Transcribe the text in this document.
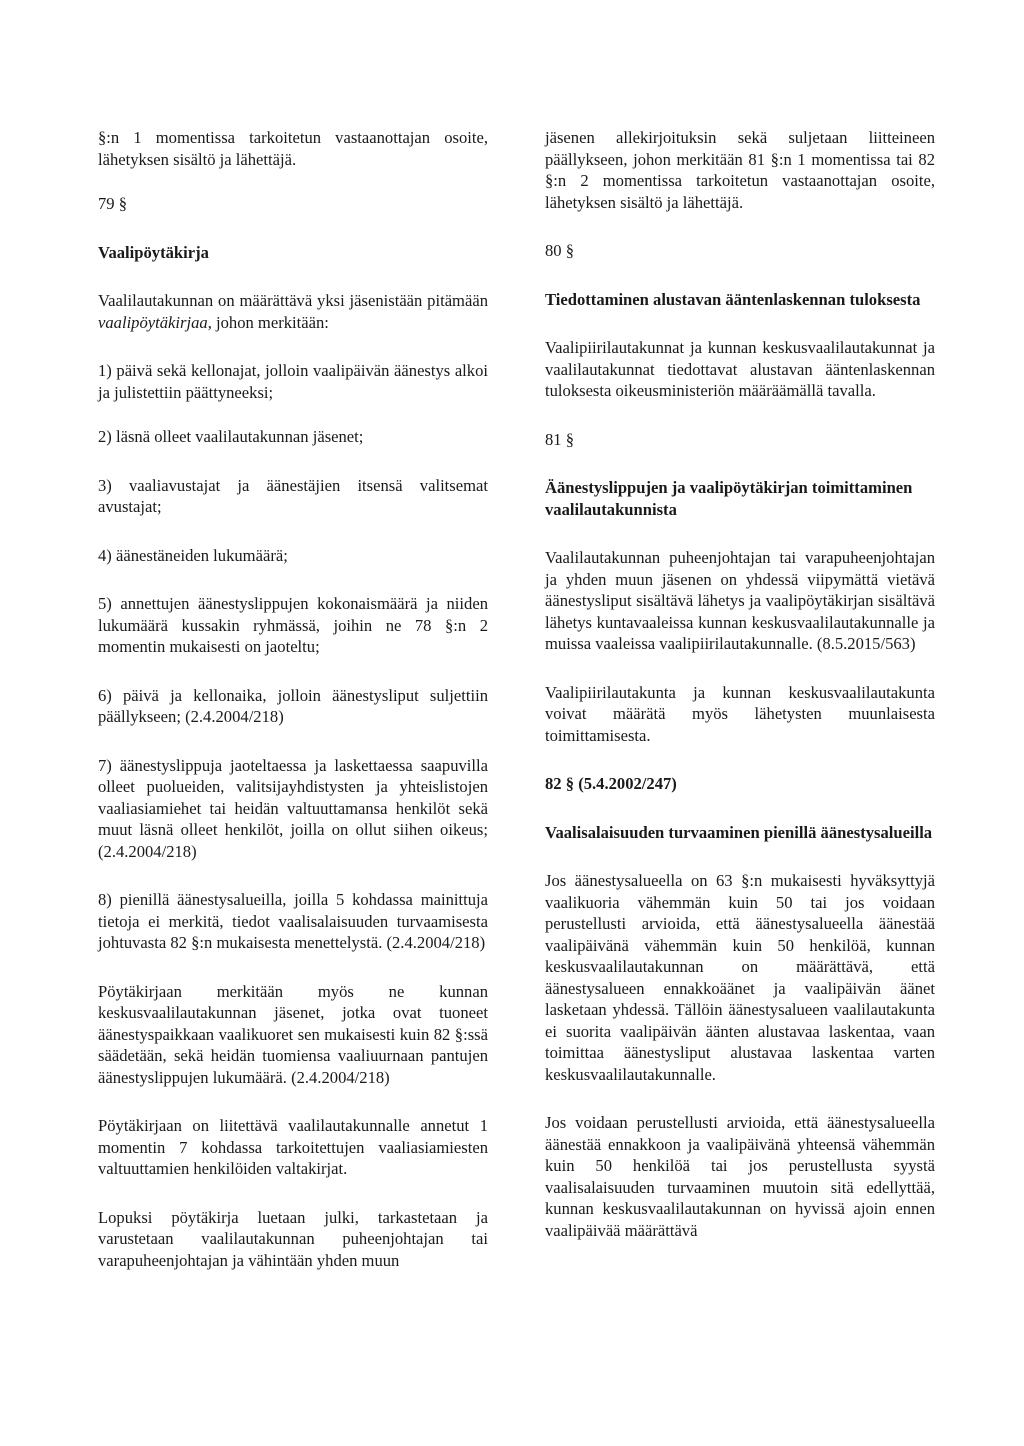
§:n 1 momentissa tarkoitetun vastaanottajan osoite, lähetyksen sisältö ja lähettäjä.

79 §

Vaalipöytäkirja

Vaalilautakunnan on määrättävä yksi jäsenistään pitämään vaalipöytäkirjaa, johon merkitään:

1) päivä sekä kellonajat, jolloin vaalipäivän äänestys alkoi ja julistettiin päättyneeksi;

2) läsnä olleet vaalilautakunnan jäsenet;

3) vaaliavustajat ja äänestäjien itsensä valitsemat avustajat;

4) äänestäneiden lukumäärä;

5) annettujen äänestyslippujen kokonaismäärä ja niiden lukumäärä kussakin ryhmässä, joihin ne 78 §:n 2 momentin mukaisesti on jaoteltu;

6) päivä ja kellonaika, jolloin äänestysliput suljettiin päällykseen; (2.4.2004/218)

7) äänestyslippuja jaoteltaessa ja laskettaessa saapuvilla olleet puolueiden, valitsijayhdistysten ja yhteislistojen vaaliasiamiehet tai heidän valtuuttamansa henkilöt sekä muut läsnä olleet henkilöt, joilla on ollut siihen oikeus; (2.4.2004/218)

8) pienillä äänestysalueilla, joilla 5 kohdassa mainittuja tietoja ei merkitä, tiedot vaalisalaisuuden turvaamisesta johtuvasta 82 §:n mukaisesta menettelystä. (2.4.2004/218)

Pöytäkirjaan merkitään myös ne kunnan keskusvaalilautakunnan jäsenet, jotka ovat tuoneet äänestyspaikkaan vaalikuoret sen mukaisesti kuin 82 §:ssä säädetään, sekä heidän tuomiensa vaaliuurnaan pantujen äänestyslippujen lukumäärä. (2.4.2004/218)

Pöytäkirjaan on liitettävä vaalilautakunnalle annetut 1 momentin 7 kohdassa tarkoitettujen vaaliasiamiesten valtuuttamien henkilöiden valtakirjat.

Lopuksi pöytäkirja luetaan julki, tarkastetaan ja varustetaan vaalilautakunnan puheenjohtajan tai varapuheenjohtajan ja vähintään yhden muun

jäsenen allekirjoituksin sekä suljetaan liitteineen päällykseen, johon merkitään 81 §:n 1 momentissa tai 82 §:n 2 momentissa tarkoitetun vastaanottajan osoite, lähetyksen sisältö ja lähettäjä.

80 §

Tiedottaminen alustavan ääntenlaskennan tuloksesta

Vaalipiirilautakunnat ja kunnan keskusvaalilautakunnat ja vaalilautakunnat tiedottavat alustavan ääntenlaskennan tuloksesta oikeusministeriön määräämällä tavalla.

81 §

Äänestyslippujen ja vaalipöytäkirjan toimittaminen vaalilautakunnista

Vaalilautakunnan puheenjohtajan tai varapuheenjohtajan ja yhden muun jäsenen on yhdessä viipymättä vietävä äänestysliput sisältävä lähetys ja vaalipöytäkirjan sisältävä lähetys kuntavaaleissa kunnan keskusvaalilautakunnalle ja muissa vaaleissa vaalipiirilautakunnalle. (8.5.2015/563)

Vaalipiirilautakunta ja kunnan keskusvaalilautakunta voivat määrätä myös lähetysten muunlaisesta toimittamisesta.

82 § (5.4.2002/247)

Vaalisalaisuuden turvaaminen pienillä äänestysalueilla

Jos äänestysalueella on 63 §:n mukaisesti hyväksyttyjä vaalikuoria vähemmän kuin 50 tai jos voidaan perustellusti arvioida, että äänestysalueella äänestää vaalipäivänä vähemmän kuin 50 henkilöä, kunnan keskusvaalilautakunnan on määrättävä, että äänestysalueen ennakkoäänet ja vaalipäivän äänet lasketaan yhdessä. Tällöin äänestysalueen vaalilautakunta ei suorita vaalipäivän äänten alustavaa laskentaa, vaan toimittaa äänestysliput alustavaa laskentaa varten keskusvaalilautakunnalle.

Jos voidaan perustellusti arvioida, että äänestysalueella äänestää ennakkoon ja vaalipäivänä yhteensä vähemmän kuin 50 henkilöä tai jos perustellusta syystä vaalisalaisuuden turvaaminen muutoin sitä edellyttää, kunnan keskusvaalilautakunnan on hyvissä ajoin ennen vaalipäivää määrättävä
